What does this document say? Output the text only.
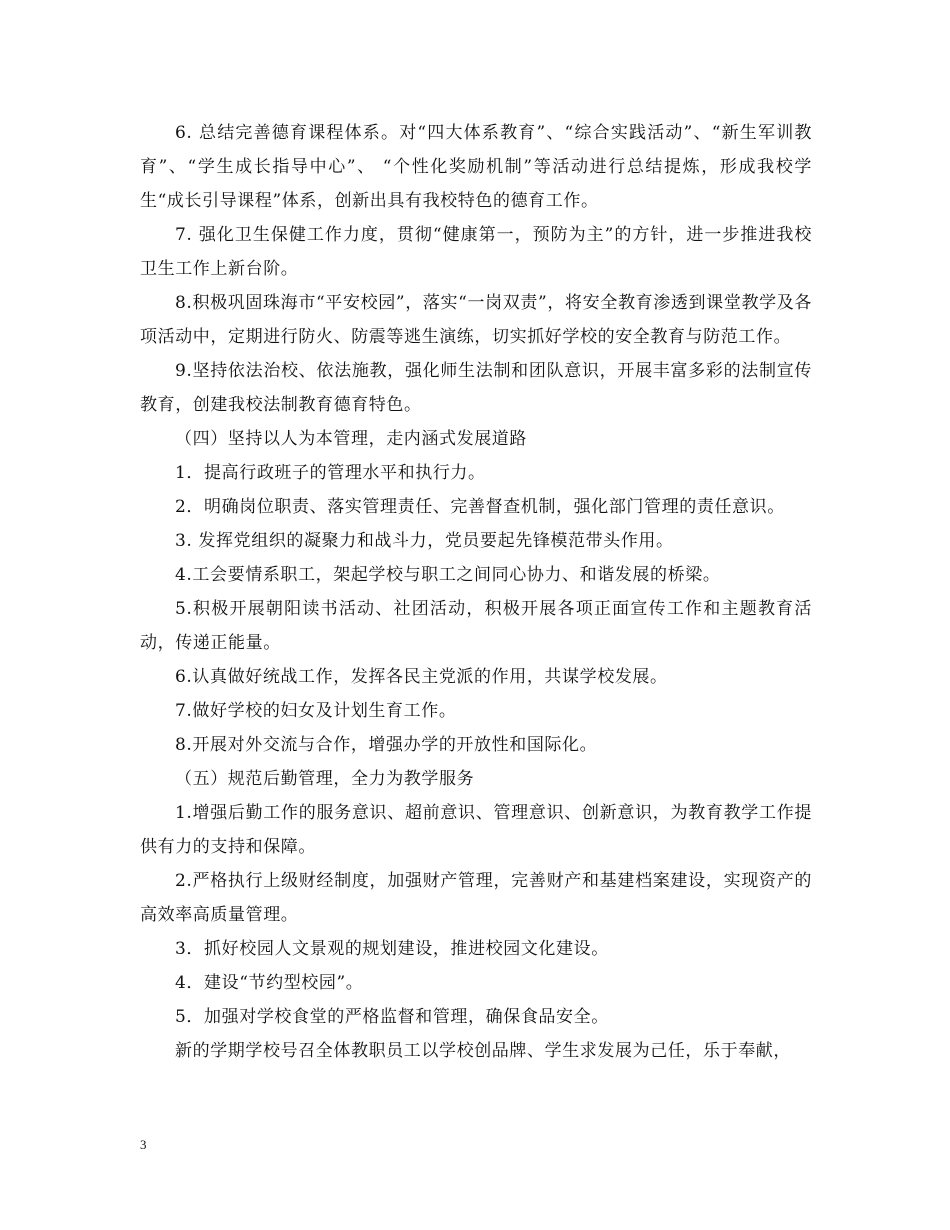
6. 总结完善德育课程体系。对“四大体系教育”、“综合实践活动”、“新生军训教育”、“学生成长指导中心”、 “个性化奖励机制”等活动进行总结提炼，形成我校学生“成长引导课程”体系，创新出具有我校特色的德育工作。

7. 强化卫生保健工作力度，贯彻“健康第一，预防为主”的方针，进一步推进我校卫生工作上新台阶。

8.积极巩固珠海市“平安校园”，落实“一岗双责”，将安全教育渗透到课堂教学及各项活动中，定期进行防火、防震等逃生演练，切实抓好学校的安全教育与防范工作。

9.坚持依法治校、依法施教，强化师生法制和团队意识，开展丰富多彩的法制宣传教育，创建我校法制教育德育特色。

（四）坚持以人为本管理，走内涵式发展道路

1．提高行政班子的管理水平和执行力。

2．明确岗位职责、落实管理责任、完善督查机制，强化部门管理的责任意识。

3. 发挥党组织的凝聚力和战斗力，党员要起先锋模范带头作用。

4.工会要情系职工，架起学校与职工之间同心协力、和谐发展的桥梁。

5.积极开展朝阳读书活动、社团活动，积极开展各项正面宣传工作和主题教育活动，传递正能量。

6.认真做好统战工作，发挥各民主党派的作用，共谋学校发展。

7.做好学校的妇女及计划生育工作。

8.开展对外交流与合作，增强办学的开放性和国际化。

（五）规范后勤管理，全力为教学服务

1.增强后勤工作的服务意识、超前意识、管理意识、创新意识，为教育教学工作提供有力的支持和保障。

2.严格执行上级财经制度，加强财产管理，完善财产和基建档案建设，实现资产的高效率高质量管理。

3．抓好校园人文景观的规划建设，推进校园文化建设。

4．建设“节约型校园”。

5．加强对学校食堂的严格监督和管理，确保食品安全。

新的学期学校号召全体教职员工以学校创品牌、学生求发展为己任，乐于奉献，

3
